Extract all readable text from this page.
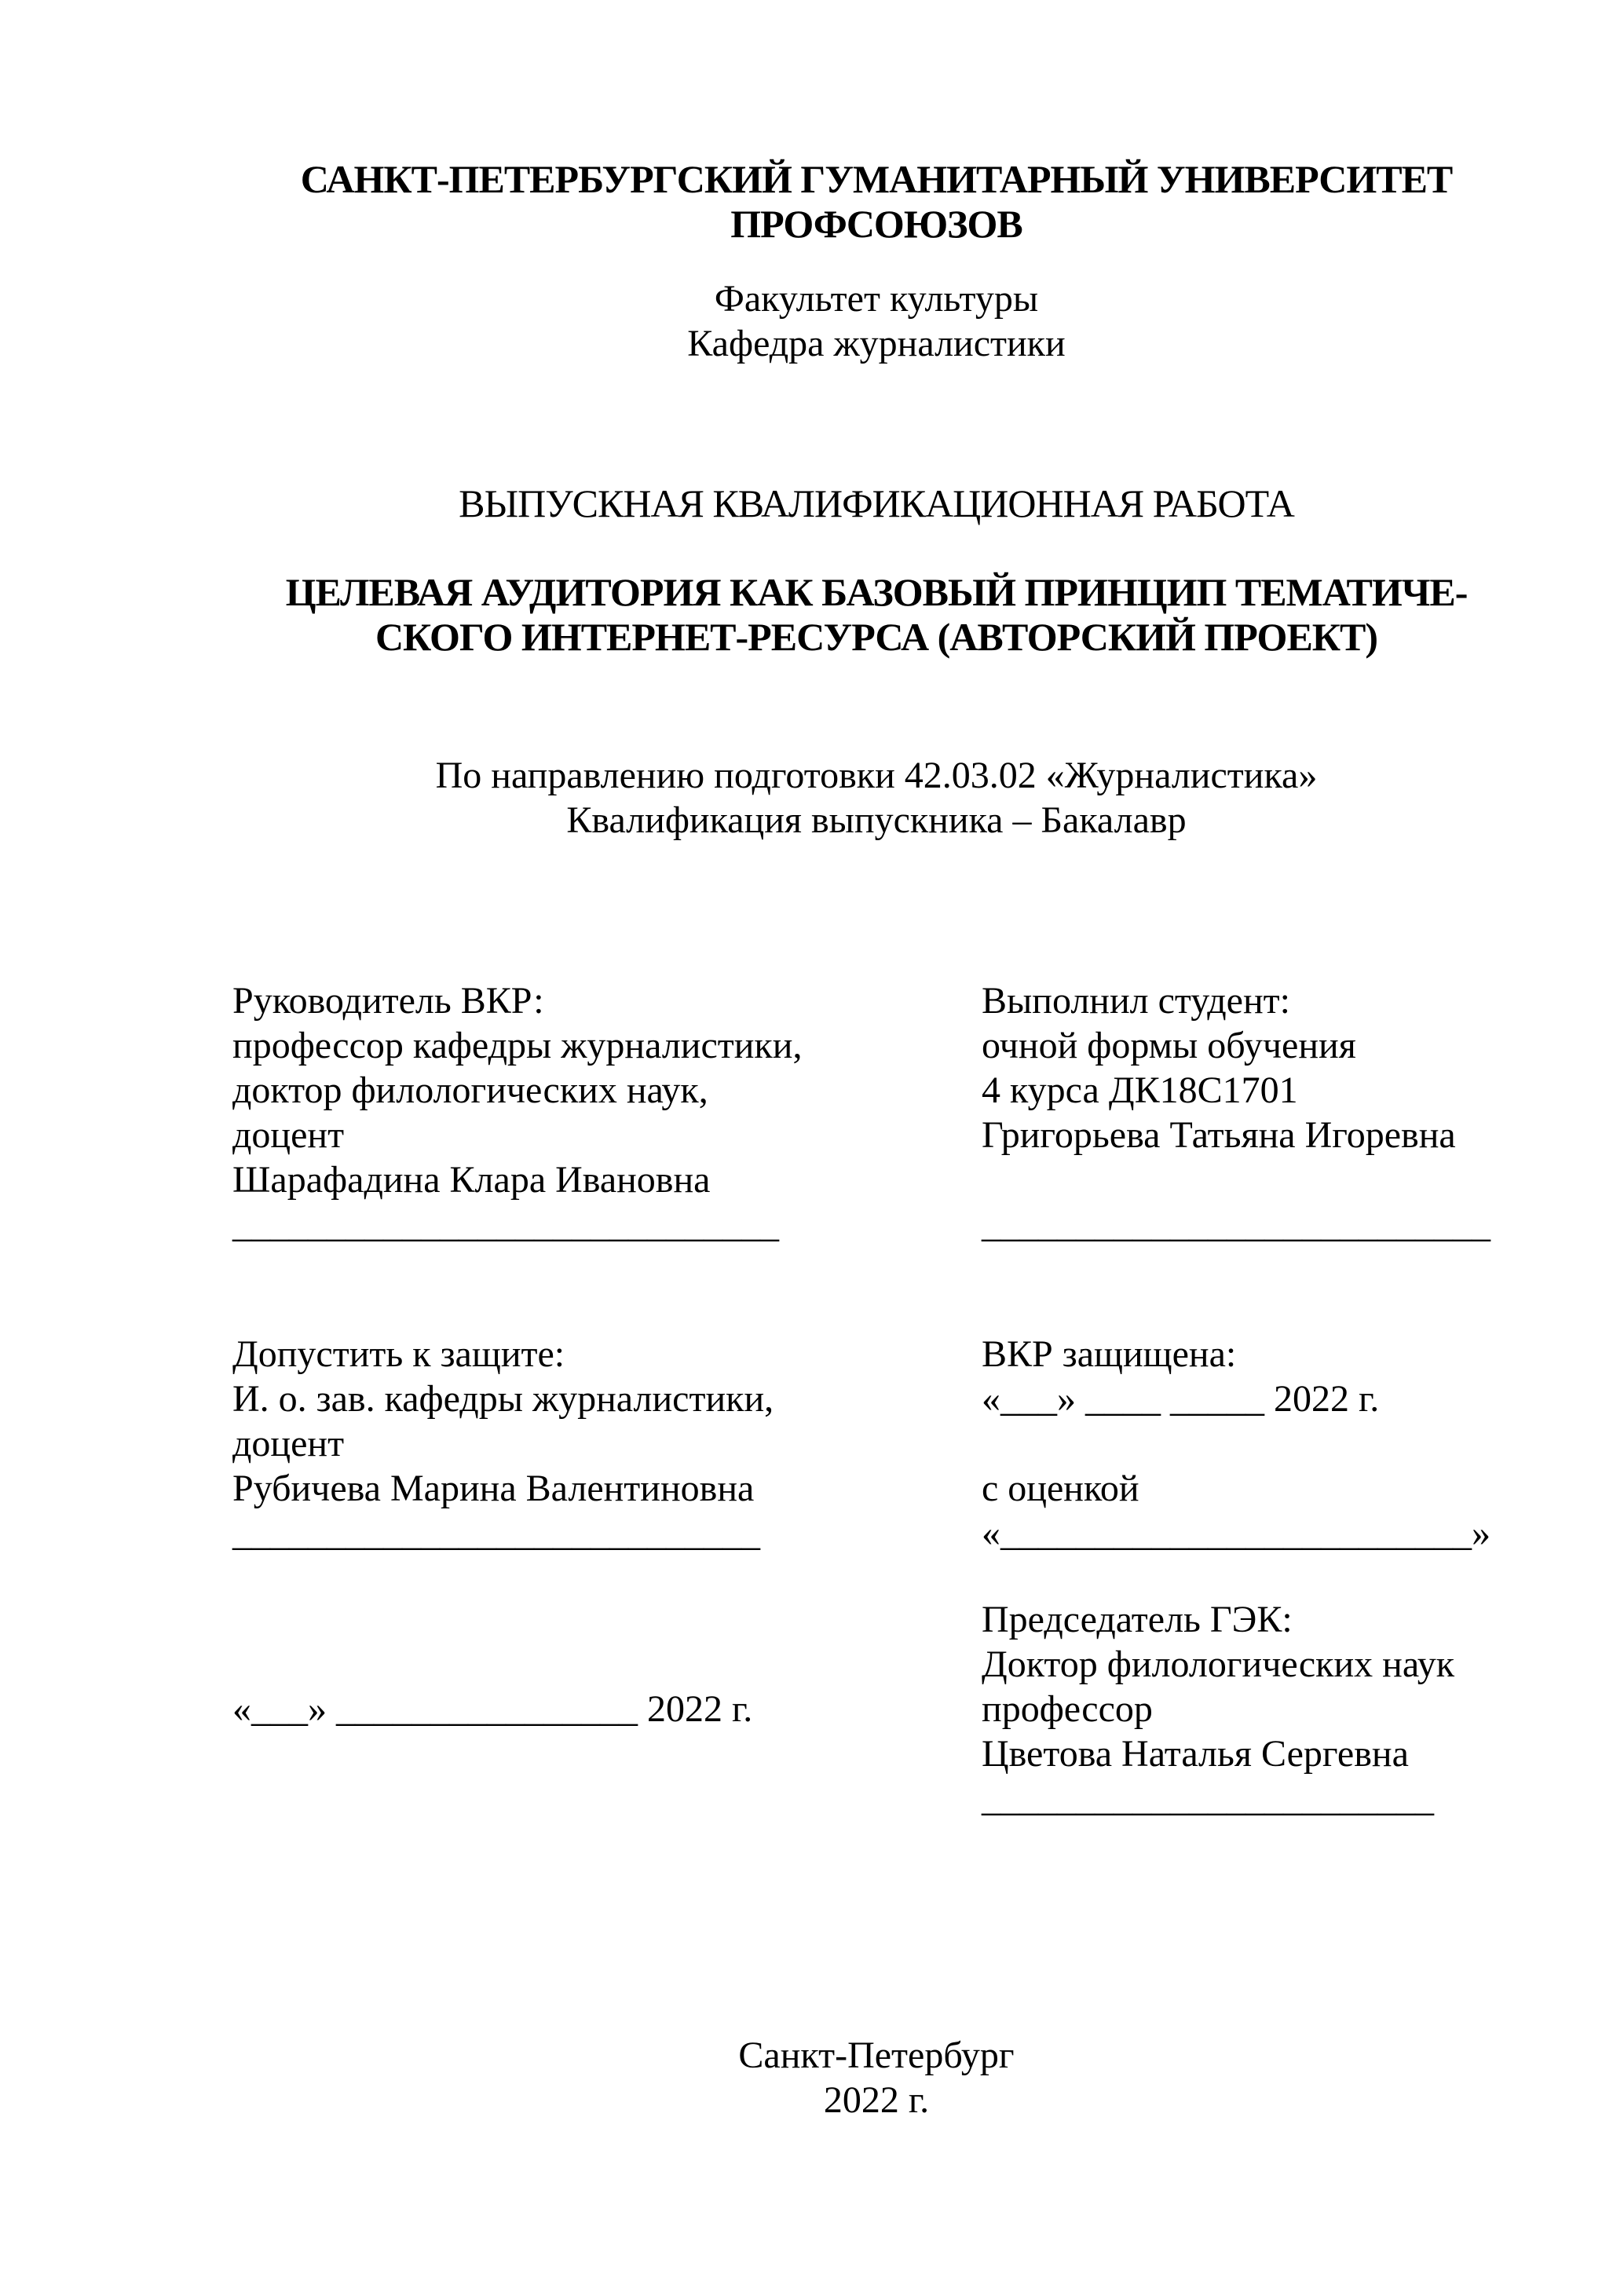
САНКТ-ПЕТЕРБУРГСКИЙ ГУМАНИТАРНЫЙ УНИВЕРСИТЕТ
ПРОФСОЮЗОВ
Факультет культуры
Кафедра журналистики
ВЫПУСКНАЯ КВАЛИФИКАЦИОННАЯ РАБОТА
ЦЕЛЕВАЯ АУДИТОРИЯ КАК БАЗОВЫЙ ПРИНЦИП ТЕМАТИЧЕ-
СКОГО ИНТЕРНЕТ-РЕСУРСА (АВТОРСКИЙ ПРОЕКТ)
По направлению подготовки 42.03.02 «Журналистика»
Квалификация выпускника – Бакалавр
Руководитель ВКР:
профессор кафедры журналистики,
доктор филологических наук,
доцент
Шарафадина Клара Ивановна
_____________________________
Выполнил студент:
очной формы обучения
4 курса ДК18С1701
Григорьева Татьяна Игоревна
___________________________
Допустить к защите:
И. о. зав. кафедры журналистики,
доцент
Рубичева Марина Валентиновна
____________________________
ВКР защищена:
«___» ____ _____ 2022 г.
с оценкой
«_________________________»
«___» ________________ 2022 г.
Председатель ГЭК:
Доктор филологических наук
профессор
Цветова Наталья Сергевна
________________________
Санкт-Петербург
2022 г.
